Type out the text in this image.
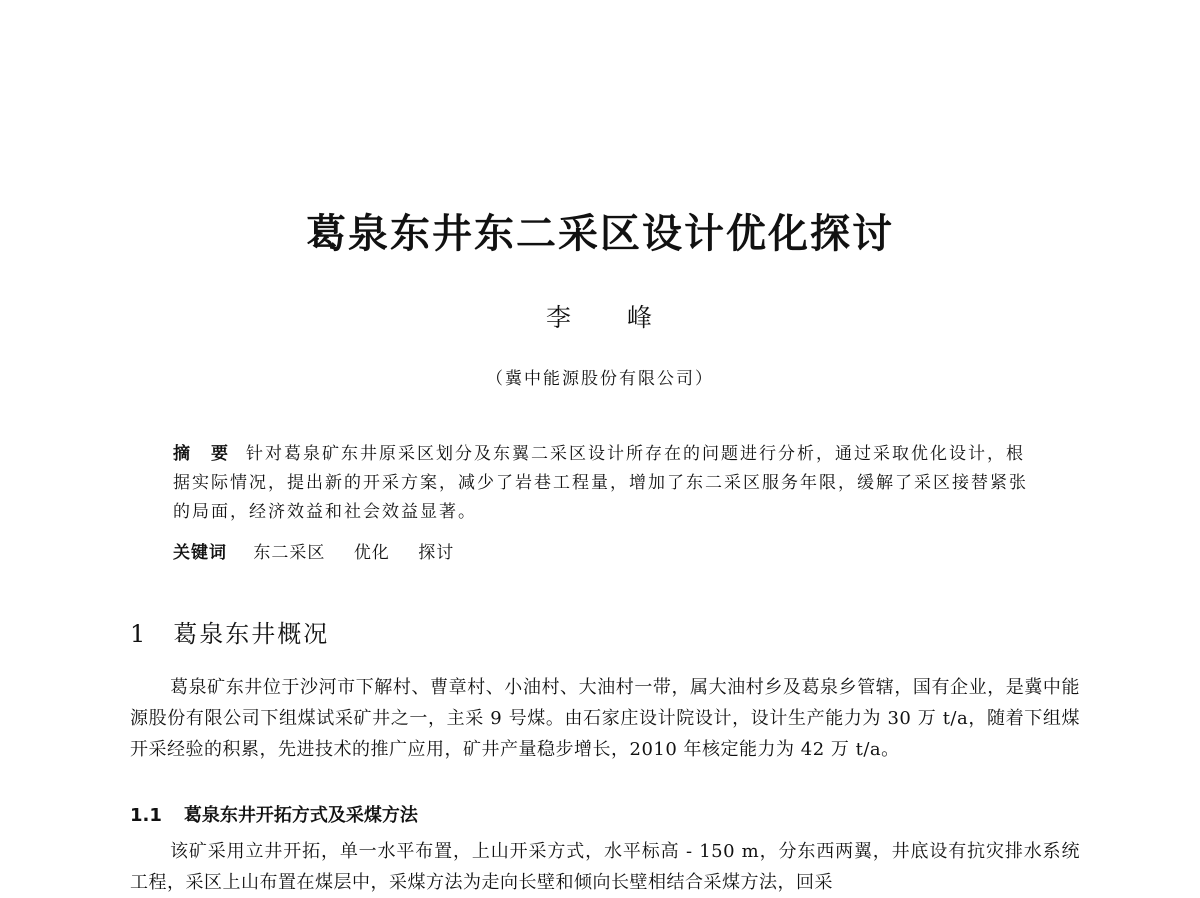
葛泉东井东二采区设计优化探讨
李　　峰
（冀中能源股份有限公司）
摘　要 针对葛泉矿东井原采区划分及东翼二采区设计所存在的问题进行分析，通过采取优化设计，根据实际情况，提出新的开采方案，减少了岩巷工程量，增加了东二采区服务年限，缓解了采区接替紧张的局面，经济效益和社会效益显著。
关键词 东二采区 优化 探讨
1 葛泉东井概况
葛泉矿东井位于沙河市下解村、曹章村、小油村、大油村一带，属大油村乡及葛泉乡管辖，国有企业，是冀中能源股份有限公司下组煤试采矿井之一，主采 9 号煤。由石家庄设计院设计，设计生产能力为 30 万 t/a，随着下组煤开采经验的积累，先进技术的推广应用，矿井产量稳步增长，2010 年核定能力为 42 万 t/a。
1.1 葛泉东井开拓方式及采煤方法
该矿采用立井开拓，单一水平布置，上山开采方式，水平标高 - 150 m，分东西两翼，井底设有抗灾排水系统工程，采区上山布置在煤层中，采煤方法为走向长壁和倾向长壁相结合采煤方法，回采
